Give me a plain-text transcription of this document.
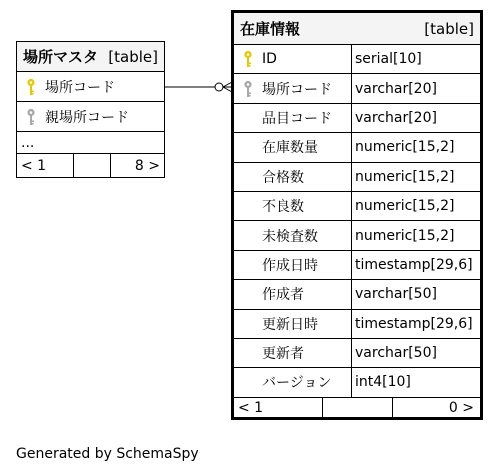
場所マスタ [table]
場所コード
親場所コード
...
< 1	8 >
在庫情報	[table]
ID	serial[10]
場所コード varchar[20]
品目コード varchar[20]
在庫数量	numeric[15,2]
合格数	numeric[15,2]
不良数	numeric[15,2]
未検査数	numeric[15,2]
作成日時	timestamp[29,6]
作成者	varchar[50]
更新日時	timestamp[29,6]
更新者	varchar[50]
バージョン int4[10]
< 1	0 >
Generated by SchemaSpy
